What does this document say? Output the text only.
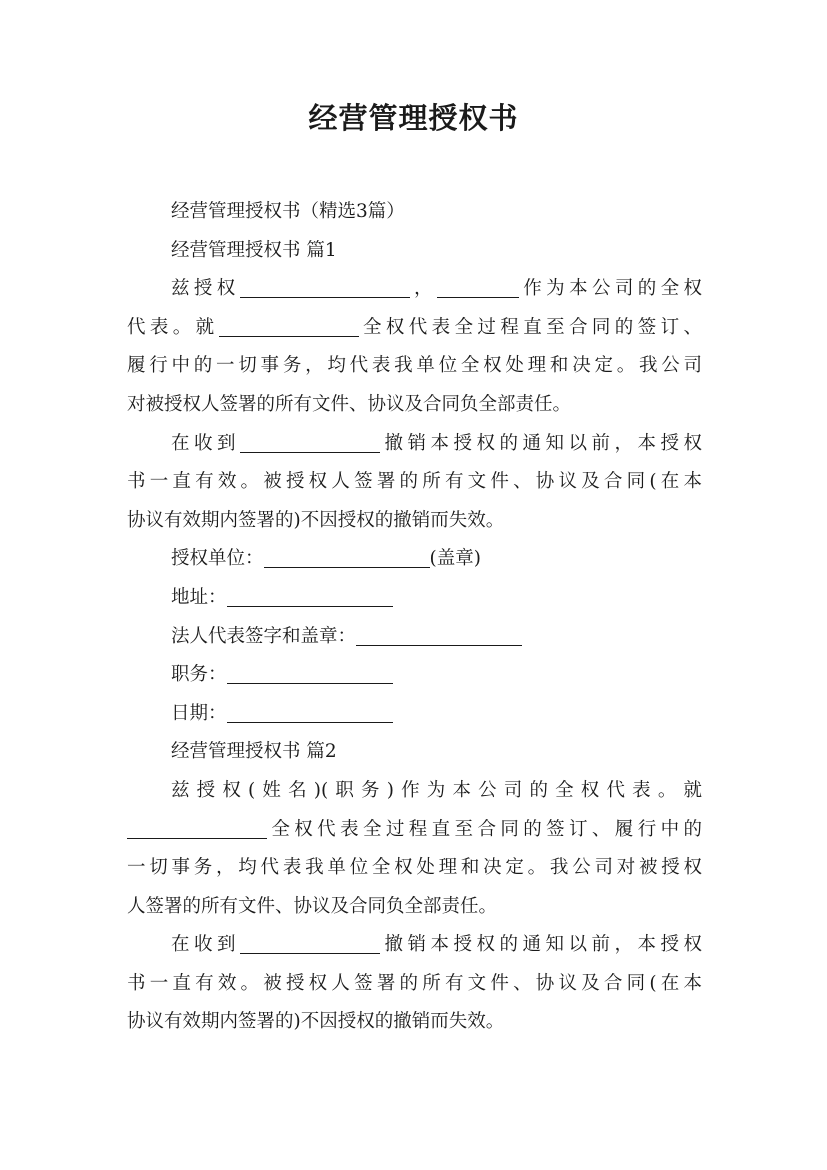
经营管理授权书

经营管理授权书（精选3篇）

经营管理授权书 篇1

兹授权	，	作为本公司的全权

代表。就	全权代表全过程直至合同的签订、

履行中的一切事务，均代表我单位全权处理和决定。我公司

对被授权人签署的所有文件、协议及合同负全部责任。

在收到	撤销本授权的通知以前，本授权

书一直有效。被授权人签署的所有文件、协议及合同(在本

协议有效期内签署的)不因授权的撤销而失效。

授权单位：	(盖章)

地址：

法人代表签字和盖章：

职务：

日期：

经营管理授权书 篇2

兹授权(姓名)(职务)作为本公司的全权代表。就

全权代表全过程直至合同的签订、履行中的

一切事务，均代表我单位全权处理和决定。我公司对被授权

人签署的所有文件、协议及合同负全部责任。

在收到	撤销本授权的通知以前，本授权

书一直有效。被授权人签署的所有文件、协议及合同(在本

协议有效期内签署的)不因授权的撤销而失效。
